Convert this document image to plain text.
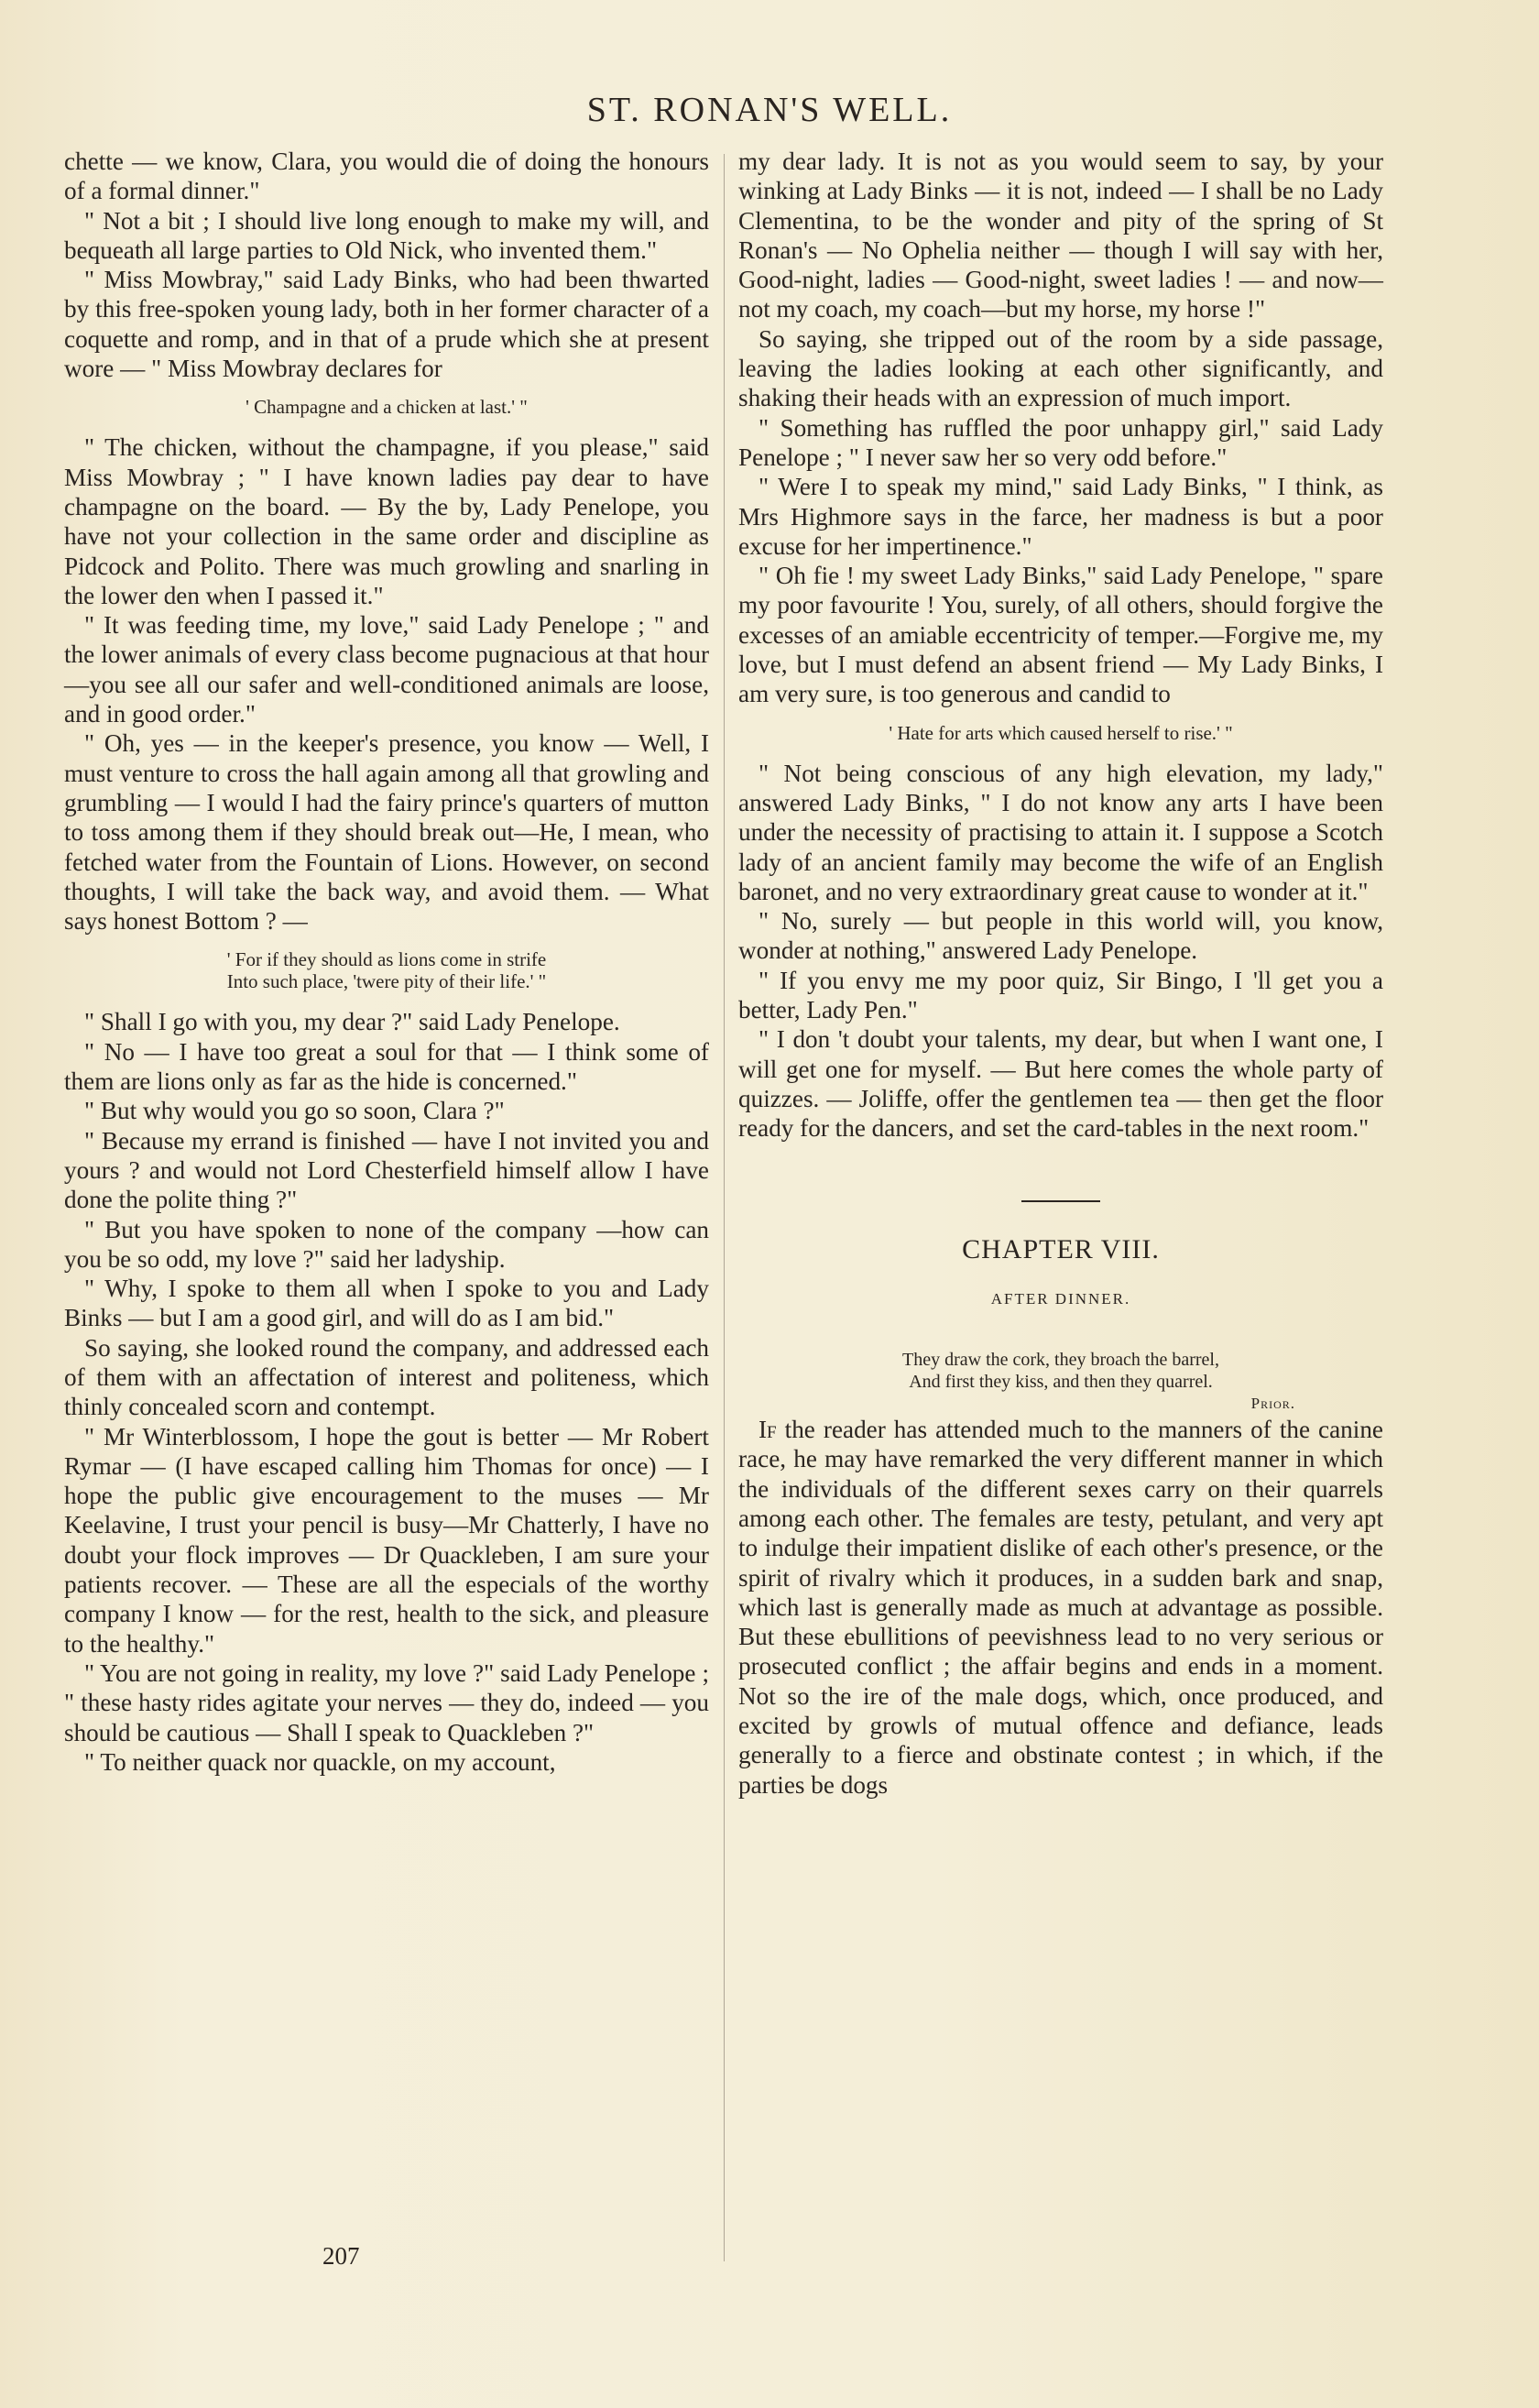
ST. RONAN'S WELL.

chette — we know, Clara, you would die of doing the honours of a formal dinner."

" Not a bit ; I should live long enough to make my will, and bequeath all large parties to Old Nick, who invented them."

" Miss Mowbray," said Lady Binks, who had been thwarted by this free-spoken young lady, both in her former character of a coquette and romp, and in that of a prude which she at present wore — " Miss Mowbray declares for

' Champagne and a chicken at last.' "

" The chicken, without the champagne, if you please," said Miss Mowbray ; " I have known ladies pay dear to have champagne on the board. — By the by, Lady Penelope, you have not your collection in the same order and discipline as Pidcock and Polito. There was much growling and snarling in the lower den when I passed it."

" It was feeding time, my love," said Lady Penelope ; " and the lower animals of every class become pugnacious at that hour—you see all our safer and well-conditioned animals are loose, and in good order."

" Oh, yes — in the keeper's presence, you know — Well, I must venture to cross the hall again among all that growling and grumbling — I would I had the fairy prince's quarters of mutton to toss among them if they should break out—He, I mean, who fetched water from the Fountain of Lions. However, on second thoughts, I will take the back way, and avoid them. — What says honest Bottom ? —

' For if they should as lions come in strife
Into such place, 'twere pity of their life.' "

" Shall I go with you, my dear ?" said Lady Penelope.

" No — I have too great a soul for that — I think some of them are lions only as far as the hide is concerned."

" But why would you go so soon, Clara ?"

" Because my errand is finished — have I not invited you and yours ? and would not Lord Chesterfield himself allow I have done the polite thing ?"

" But you have spoken to none of the company —how can you be so odd, my love ?" said her ladyship.

" Why, I spoke to them all when I spoke to you and Lady Binks — but I am a good girl, and will do as I am bid."

So saying, she looked round the company, and addressed each of them with an affectation of interest and politeness, which thinly concealed scorn and contempt.

" Mr Winterblossom, I hope the gout is better — Mr Robert Rymar — (I have escaped calling him Thomas for once) — I hope the public give encouragement to the muses — Mr Keelavine, I trust your pencil is busy—Mr Chatterly, I have no doubt your flock improves — Dr Quackleben, I am sure your patients recover. — These are all the especials of the worthy company I know — for the rest, health to the sick, and pleasure to the healthy."

" You are not going in reality, my love ?" said Lady Penelope ; " these hasty rides agitate your nerves — they do, indeed — you should be cautious — Shall I speak to Quackleben ?"

" To neither quack nor quackle, on my account,

my dear lady. It is not as you would seem to say, by your winking at Lady Binks — it is not, indeed — I shall be no Lady Clementina, to be the wonder and pity of the spring of St Ronan's — No Ophelia neither — though I will say with her, Good-night, ladies — Good-night, sweet ladies ! — and now—not my coach, my coach—but my horse, my horse !"

So saying, she tripped out of the room by a side passage, leaving the ladies looking at each other significantly, and shaking their heads with an expression of much import.

" Something has ruffled the poor unhappy girl," said Lady Penelope ; " I never saw her so very odd before."

" Were I to speak my mind," said Lady Binks, " I think, as Mrs Highmore says in the farce, her madness is but a poor excuse for her impertinence."

" Oh fie ! my sweet Lady Binks," said Lady Penelope, " spare my poor favourite ! You, surely, of all others, should forgive the excesses of an amiable eccentricity of temper.—Forgive me, my love, but I must defend an absent friend — My Lady Binks, I am very sure, is too generous and candid to

' Hate for arts which caused herself to rise.' "

" Not being conscious of any high elevation, my lady," answered Lady Binks, " I do not know any arts I have been under the necessity of practising to attain it. I suppose a Scotch lady of an ancient family may become the wife of an English baronet, and no very extraordinary great cause to wonder at it."

" No, surely — but people in this world will, you know, wonder at nothing," answered Lady Penelope.

" If you envy me my poor quiz, Sir Bingo, I 'll get you a better, Lady Pen."

" I don 't doubt your talents, my dear, but when I want one, I will get one for myself. — But here comes the whole party of quizzes. — Joliffe, offer the gentlemen tea — then get the floor ready for the dancers, and set the card-tables in the next room."

CHAPTER VIII.
AFTER DINNER.
They draw the cork, they broach the barrel,
And first they kiss, and then they quarrel.
Prior.

If the reader has attended much to the manners of the canine race, he may have remarked the very different manner in which the individuals of the different sexes carry on their quarrels among each other. The females are testy, petulant, and very apt to indulge their impatient dislike of each other's presence, or the spirit of rivalry which it produces, in a sudden bark and snap, which last is generally made as much at advantage as possible. But these ebullitions of peevishness lead to no very serious or prosecuted conflict ; the affair begins and ends in a moment. Not so the ire of the male dogs, which, once produced, and excited by growls of mutual offence and defiance, leads generally to a fierce and obstinate contest ; in which, if the parties be dogs

207
